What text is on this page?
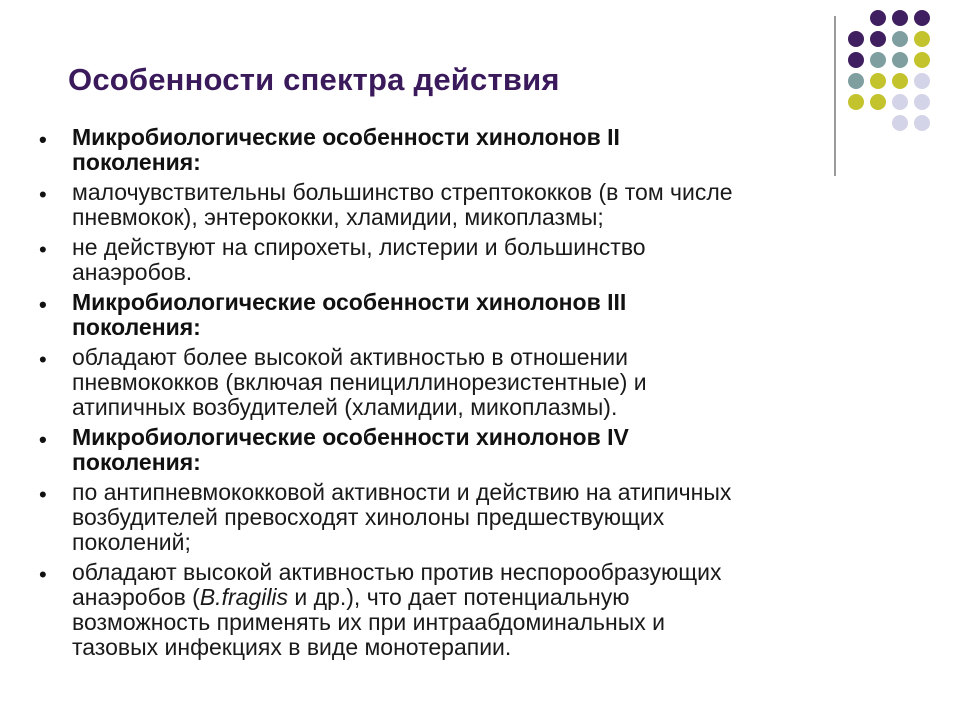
Особенности спектра действия
• Микробиологические особенности хинолонов II
поколения:
• малочувствительны большинство стрептококков (в том числе
пневмокок), энтерококки, хламидии, микоплазмы;
• не действуют на спирохеты, листерии и большинство
анаэробов.
• Микробиологические особенности хинолонов III
поколения:
• обладают более высокой активностью в отношении
пневмококков (включая пенициллинорезистентные) и
атипичных возбудителей (хламидии, микоплазмы).
• Микробиологические особенности хинолонов IV
поколения:
• по антипневмококковой активности и действию на атипичных
возбудителей превосходят хинолоны предшествующих
поколений;
• обладают высокой активностью против неспорообразующих
анаэробов (B.fragilis и др.), что дает потенциальную
возможность применять их при интраабдоминальных и
тазовых инфекциях в виде монотерапии.
